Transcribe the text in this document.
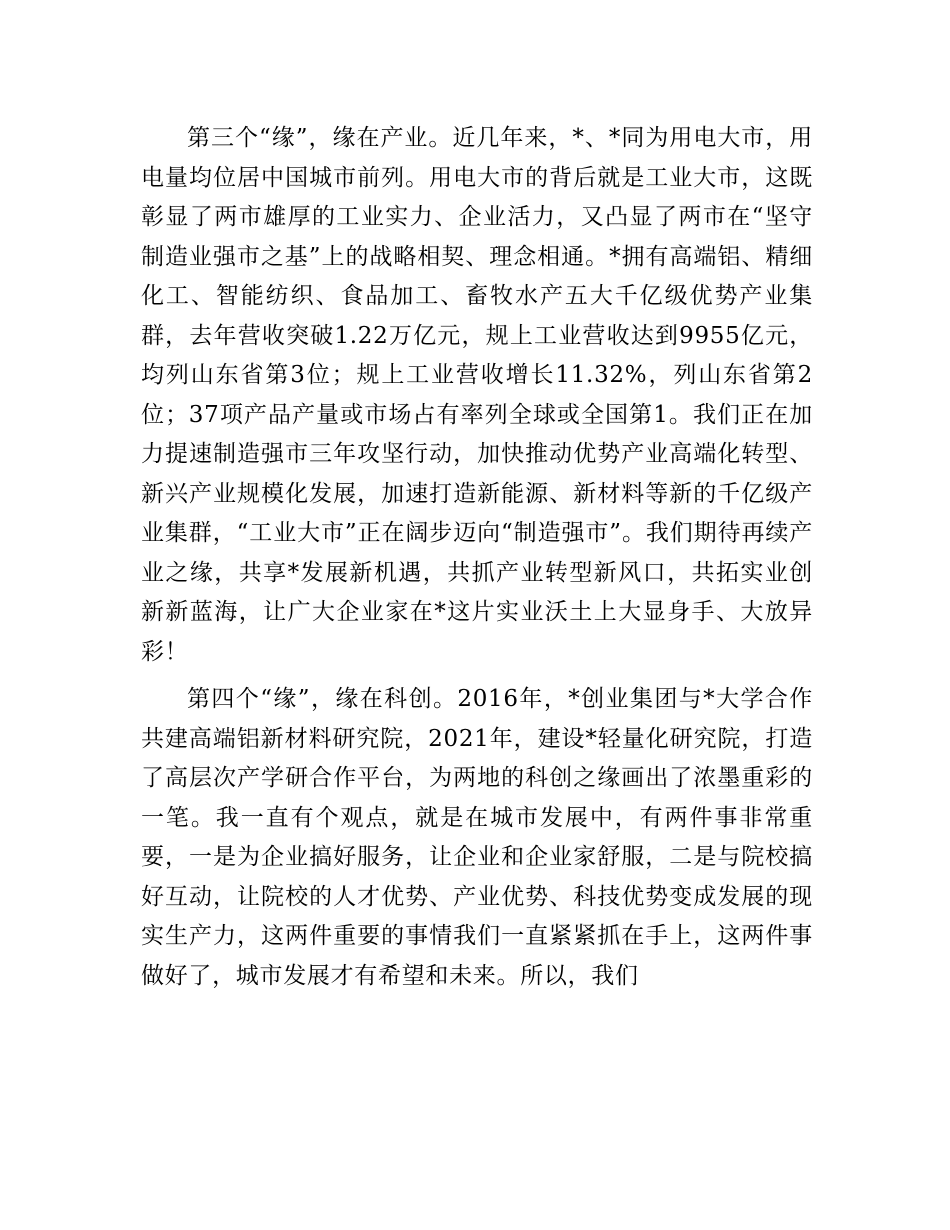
第三个“缘”，缘在产业。近几年来，*、*同为用电大市，用电量均位居中国城市前列。用电大市的背后就是工业大市，这既彰显了两市雄厚的工业实力、企业活力，又凸显了两市在“坚守制造业强市之基”上的战略相契、理念相通。*拥有高端铝、精细化工、智能纺织、食品加工、畜牧水产五大千亿级优势产业集群，去年营收突破1.22万亿元，规上工业营收达到9955亿元，均列山东省第3位；规上工业营收增长11.32%，列山东省第2位；37项产品产量或市场占有率列全球或全国第1。我们正在加力提速制造强市三年攻坚行动，加快推动优势产业高端化转型、新兴产业规模化发展，加速打造新能源、新材料等新的千亿级产业集群，“工业大市”正在阔步迈向“制造强市”。我们期待再续产业之缘，共享*发展新机遇，共抓产业转型新风口，共拓实业创新新蓝海，让广大企业家在*这片实业沃土上大显身手、大放异彩！

第四个“缘”，缘在科创。2016年，*创业集团与*大学合作共建高端铝新材料研究院，2021年，建设*轻量化研究院，打造了高层次产学研合作平台，为两地的科创之缘画出了浓墨重彩的一笔。我一直有个观点，就是在城市发展中，有两件事非常重要，一是为企业搞好服务，让企业和企业家舒服，二是与院校搞好互动，让院校的人才优势、产业优势、科技优势变成发展的现实生产力，这两件重要的事情我们一直紧紧抓在手上，这两件事做好了，城市发展才有希望和未来。所以，我们
